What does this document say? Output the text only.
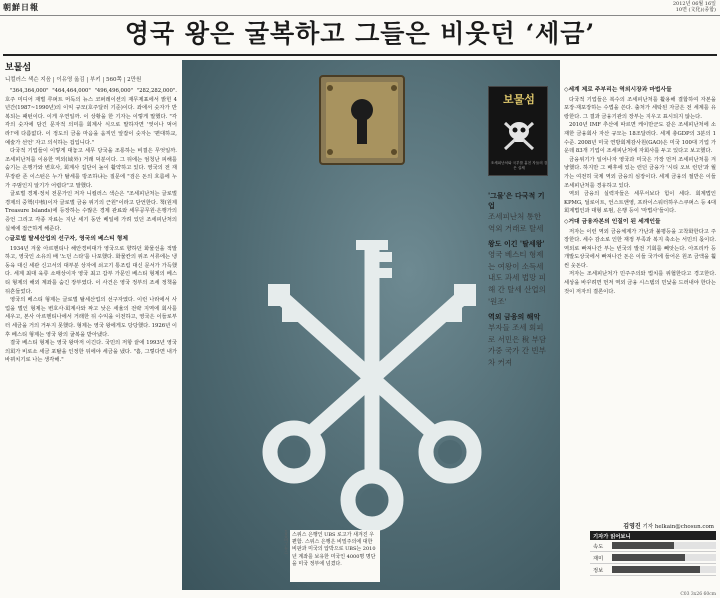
朝鮮日報	2012년 06월 16일
10면 (文化)(종합)
영국 왕은 굴복하고 그들은 비웃던 ‘세금’
보물섬
니컬러스 색슨 지음 | 이유영 옮김 | 부키 | 560쪽 | 2만원

"364,364,000" "464,464,000" "496,496,000" "282,282,000". 호주 미디어 재벌 루퍼트 머독의 뉴스 코퍼레이션의 재무제표에서 밝힌 4년간(1987~1990년)의 이익 규모(호주달러 기준)이다. 좌에서 숫자가 반복되는 패턴이다. 이게 우연일까. 이 상황을 한 기자는 이렇게 말했다. "각각의 숫자에 담긴 문자적 의미를 회계사 식으로 말하자면 '엿이나 먹어라!'에 다름없다. 이 정도의 금을 마음을 움직인 앞잡이 숫자는 '편대하교, 예술가 선언' 자고 의식하는 겁입니다."

다국적 기업들이 이렇게 대놓고 세무 당국을 조롱하는 비결은 무엇일까. 조세피난처를 이용한 역외(域外) 거래 덕분이다. 그 뒤에는 엄청난 피해를 숨기는 은행가와 변호사, 회계사 집단이 높이 활약하고 있다. 영국의 전 재무장관 존 이스턴은 누가 탈세를 방조하냐는 질문에 "검은 돈의 흐름에 누가 주범인지 알기가 어렵다"고 말했다.

글로벌 경제·정치 전문가인 저자 니컬러스 색슨은 "조세피난처는 글로벌 경제의 중핵(中核)이자 글로벌 금융 위기의 근원"이라고 단언한다. 책(원제 Treasure Islands)에 등장하는 수많은 경제 관료와 세무공무원·은행가의 증언 그리고 각종 자료는 지난 세기 동안 베일에 가려 있던 조세피난처의 실체에 접근하게 해준다.

◇글로벌 탈세산업의 선구자, 영국의 베스티 형제

1934년 겨울 아르헨티나 해안경비대가 영국으로 향하던 화물선을 적발하고, 영국인 소유의 배 '노던 스타'를 나포했다. 화물칸의 위조 서류에는 냉동육 대신 세관 신고서의 대부분 상자에 쇠고기 통조림 대신 문서가 가득했다. 세계 최대 육류 소매상이자 영국 최고 갑부 가문인 베스티 형제의 베스티 형제의 해외 계좌를 숨긴 장부였다. 이 사건은 영국 정부의 조세 정책을 뒤흔들었다.

영국의 베스티 형제는 글로벌 탈세산업의 선구자였다. 이런 나라에서 사업을 벌인 형제는 변호사·회계사와 짜고 낮은 세율의 전략 지역에 회사를 세우고, 본사 아르헨티나에서 거래한 뒤 수익을 이전하고, 영국은 이들로부터 세금을 거의 거두지 못했다. 형제는 영국 왕에게도 당당했다. 1926년 이후 베스티 형제는 영국 왕의 굴복을 받아냈다.

결국 베스티 형제는 영국 왕마저 이긴다. 국민의 저항 끝에 1993년 영국 의회가 비로소 세금 포탈을 인정한 뒤에야 세금을 냈다. "흠, 그렇다면 내가 바꿔치기로 나는 생각해."

블룸버그뉴스 스위스 은행인 UBS 로고가 새겨진 우편함. 스위스 은행은 비밀주의에 대한 비판과 미국의 압박으로 UBS는 2010년 계좌를 보유한 미국인 4000명 명단을 미국 정부에 넘겼다.
보물섬
조세피난처와 국부를 훔친 자들의 검은 실체
'그물'은 다국적 기업
조세피난처 통한 역외 거래로 탈세
왕도 이긴 '탈세왕'
영국 베스티 형제는 여왕이 소득세 내도 과세 법망 피해 간 탈세 산업의 '원조'
역외 금융의 해악
부자들 조세 회피로 서민은 稅 부담 가중 국가 간 빈부 차 커져
◇세계 제로 주부리는 역외시장과 마법사들

다국적 기업들은 복수의 조세피난처를 활용해 결합하여 자본을 포장·재포장하는 수법을 쓴다. 출처가 세탁된 자금은 전 세계를 유랑한다. 그 결과 금융기관의 장부는 지우고 표시되지 않는다.

2010년 IMF 추산에 따르면 케이만군도 같은 조세피난처에 소재한 금융회사 자산 규모는 18조달러다. 세계 총GDP의 3분의 1 수준. 2008년 미국 연방회계감사원(GAO)은 미국 100대 기업 가운데 83개 기업이 조세피난처에 자회사를 두고 있다고 보고했다.

금융위기가 일어나자 영국과 미국은 가장 먼저 조세피난처를 겨냥했다. 하지만 그 배후에 있는 런던 금융가 '시티 오브 런던'과 월가는 여전히 국제 역외 금융의 심장이다. 세계 금융의 절반은 이들 조세피난처를 경유하고 있다.

역외 금융의 실력자들은 세무서보다 힘이 세다. 회계법인 KPMG, 딜로이트, 언스트앤영, 프라이스워터하우스쿠퍼스 등 4대 회계법인과 대형 로펌, 은행 등이 '마법사'들이다.

◇거대 금융자본의 인질이 된 세계인들

저자는 이런 역외 금융체계가 가난과 불평등을 고착화한다고 주장한다. 세수 감소로 인한 재정 부족과 복지 축소는 서민의 몫이다. 역외로 빠져나간 부는 빈국의 발전 기회를 빼앗는다. 아프리카 등 개발도상국에서 빠져나간 돈은 이들 국가에 들어온 원조 금액을 훨씬 웃돈다.

저자는 조세피난처가 민주주의와 법치를 위협한다고 경고한다. 세상을 바꾸려면 먼저 역외 금융 시스템의 민낯을 드러내야 한다는 것이 저자의 결론이다.

김영진 기자 helkain@chosun.com
기자가 읽어보니
속도
재미
정보
C03 3x26 60cm
